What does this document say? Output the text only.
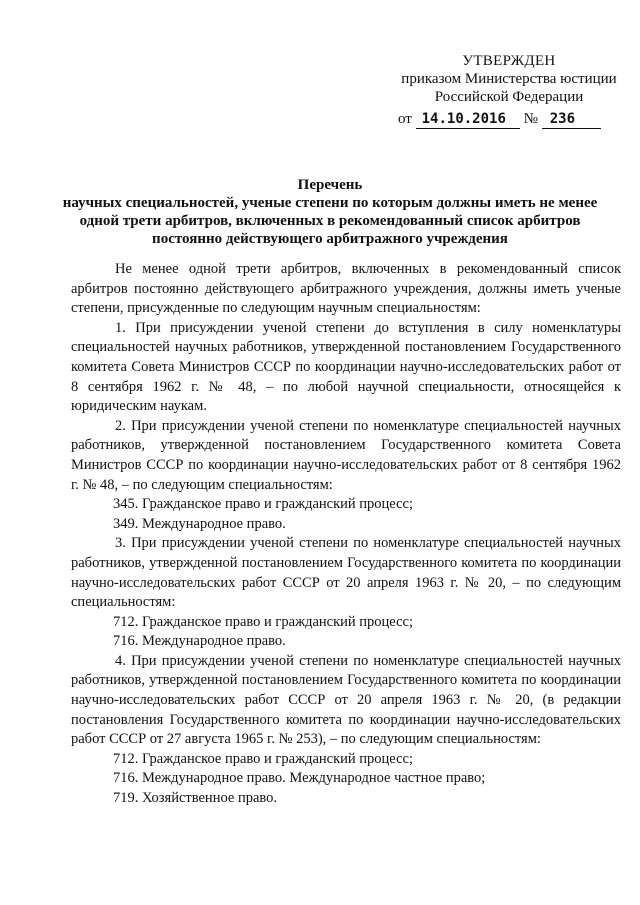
УТВЕРЖДЕН
приказом Министерства юстиции
Российской Федерации
от 14.10.2016 № 236
Перечень
научных специальностей, ученые степени по которым должны иметь не менее
одной трети арбитров, включенных в рекомендованный список арбитров
постоянно действующего арбитражного учреждения

Не менее одной трети арбитров, включенных в рекомендованный список арбитров постоянно действующего арбитражного учреждения, должны иметь ученые степени, присужденные по следующим научным специальностям:

1. При присуждении ученой степени до вступления в силу номенклатуры специальностей научных работников, утвержденной постановлением Государственного комитета Совета Министров СССР по координации научно-исследовательских работ от 8 сентября 1962 г. № 48, – по любой научной специальности, относящейся к юридическим наукам.

2. При присуждении ученой степени по номенклатуре специальностей научных работников, утвержденной постановлением Государственного комитета Совета Министров СССР по координации научно-исследовательских работ от 8 сентября 1962 г. № 48, – по следующим специальностям:

345. Гражданское право и гражданский процесс;

349. Международное право.

3. При присуждении ученой степени по номенклатуре специальностей научных работников, утвержденной постановлением Государственного комитета по координации научно-исследовательских работ СССР от 20 апреля 1963 г. № 20, – по следующим специальностям:

712. Гражданское право и гражданский процесс;

716. Международное право.

4. При присуждении ученой степени по номенклатуре специальностей научных работников, утвержденной постановлением Государственного комитета по координации научно-исследовательских работ СССР от 20 апреля 1963 г. № 20, (в редакции постановления Государственного комитета по координации научно-исследовательских работ СССР от 27 августа 1965 г. № 253), – по следующим специальностям:

712. Гражданское право и гражданский процесс;

716. Международное право. Международное частное право;

719. Хозяйственное право.
